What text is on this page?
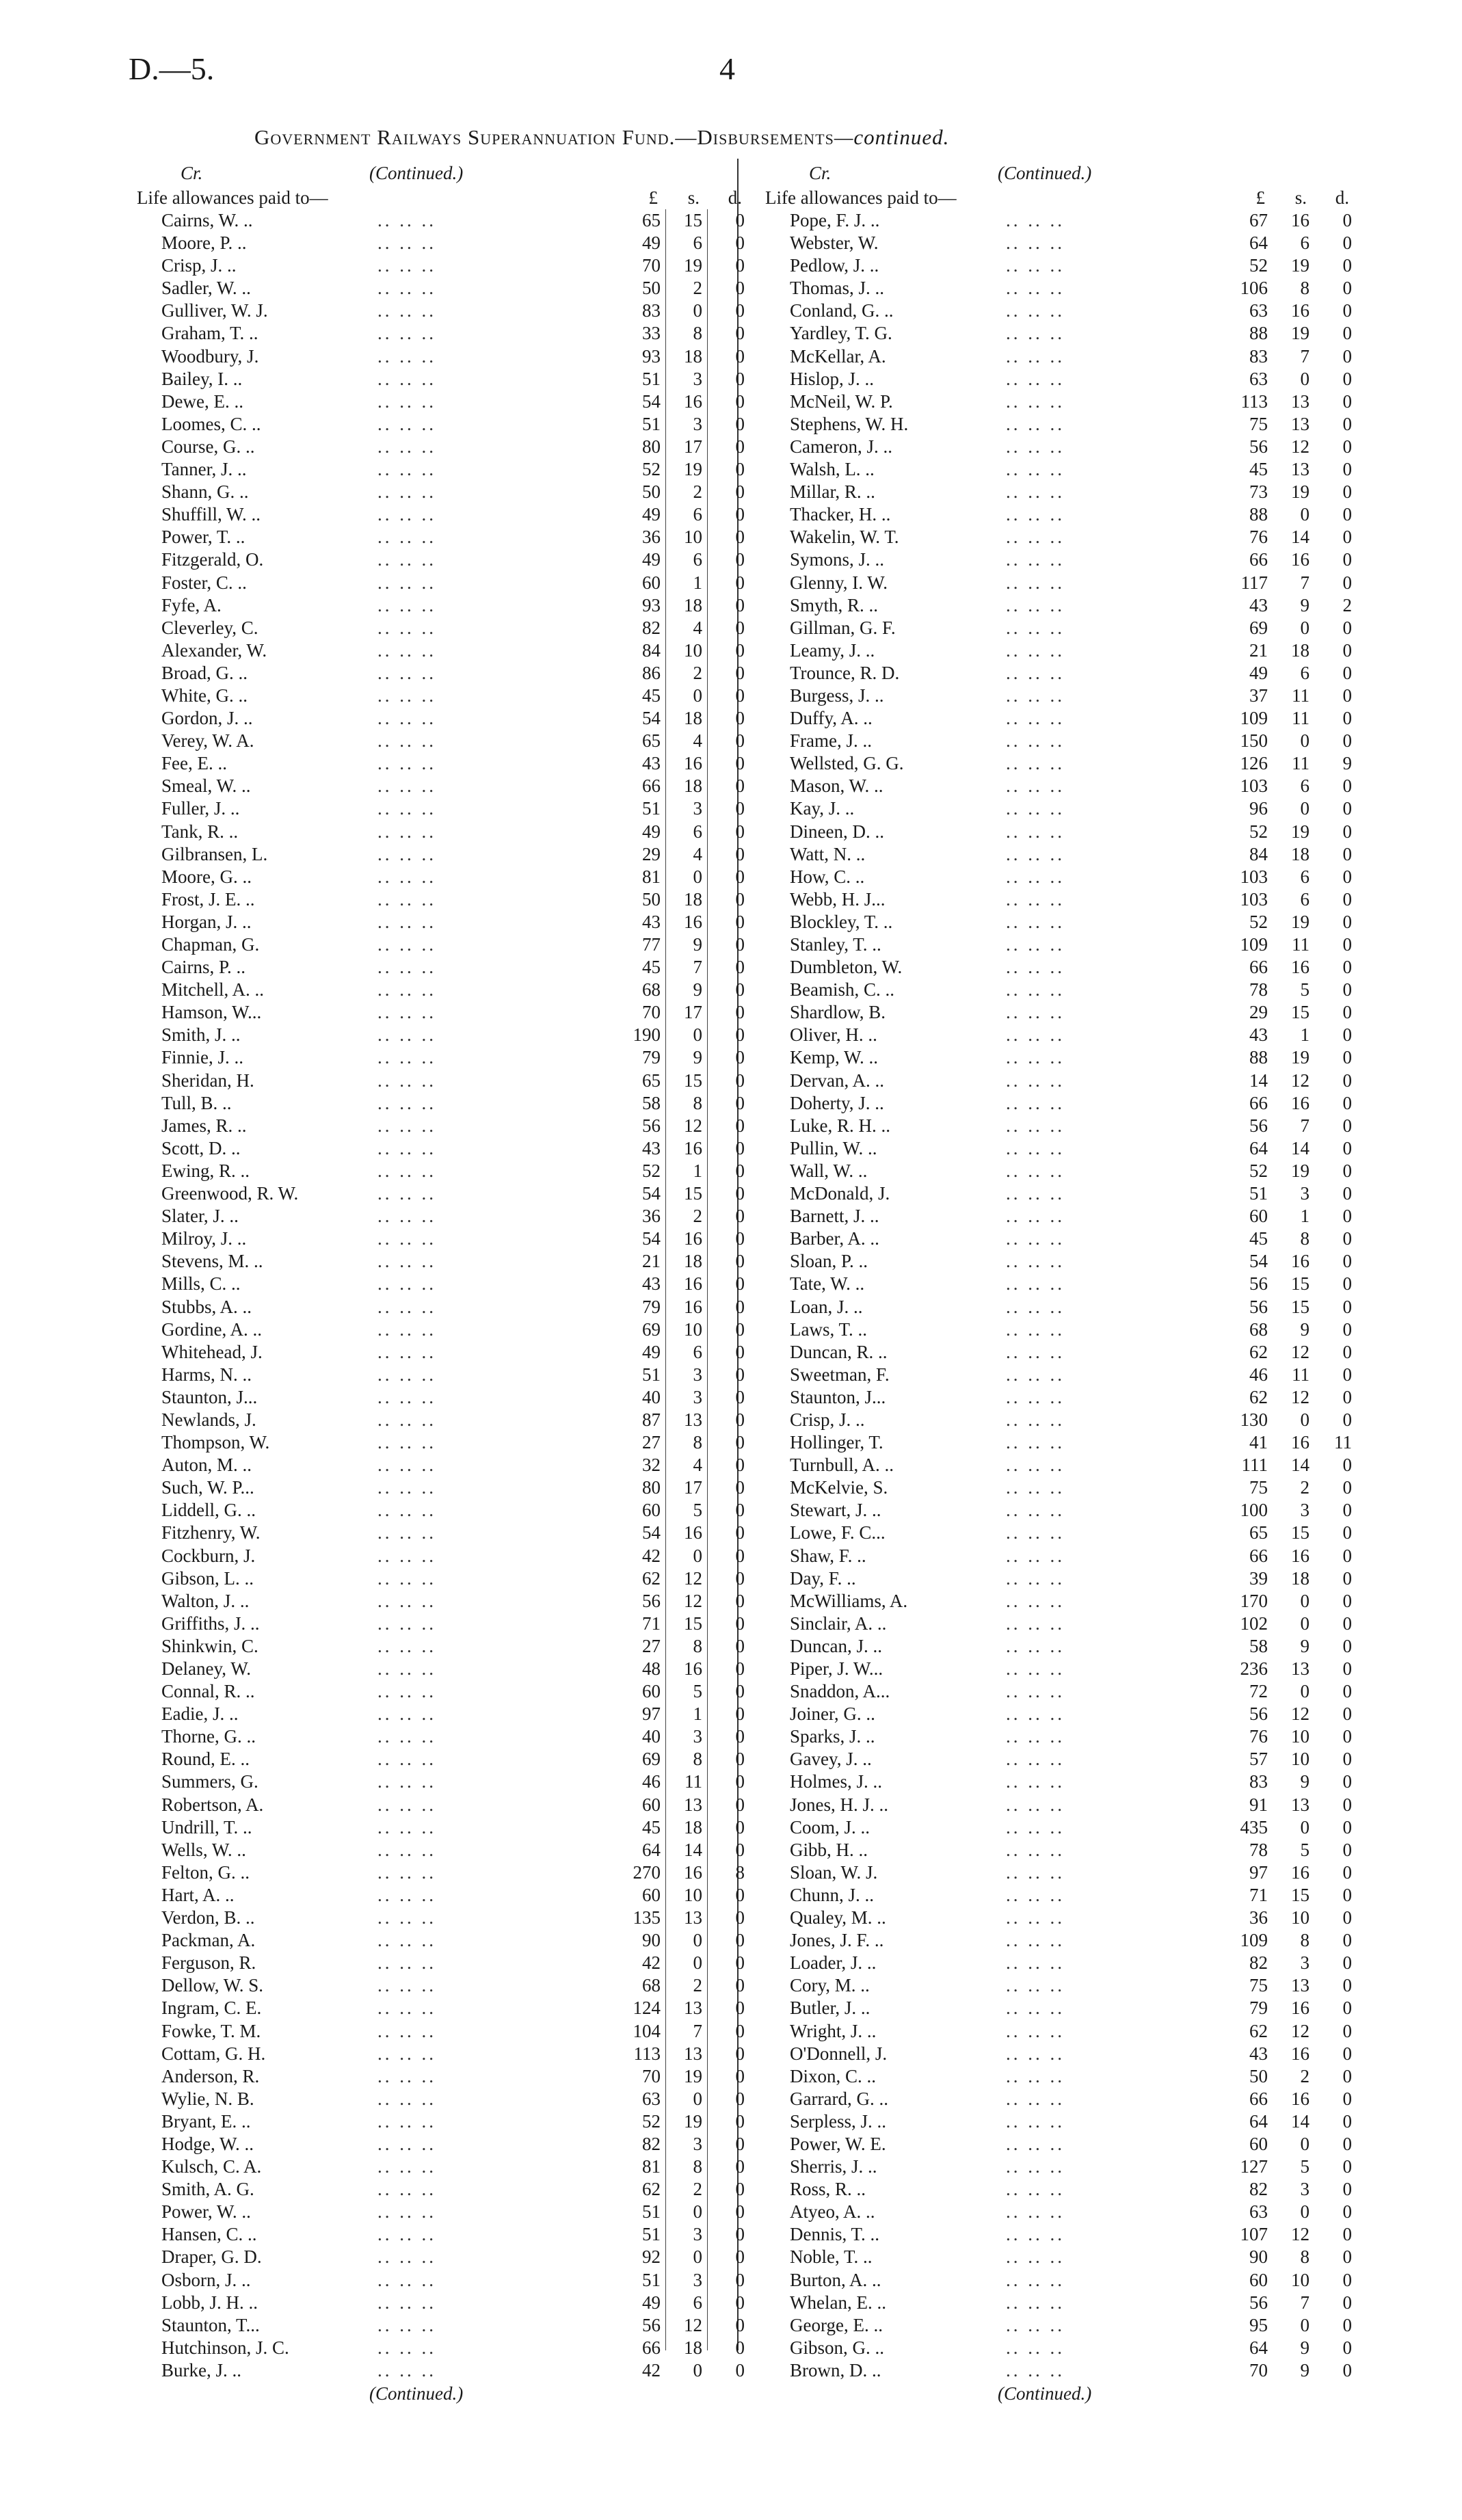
D.—5.	4
Government Railways Superannuation Fund.—Disbursements—continued.
Cr.	(Continued.)
Life allowances paid to—	£	s.	d.
Cairns, W. ..	.. .. ..	65	15	0
Moore, P. ..	.. .. ..	49	6	0
Crisp, J. ..	.. .. ..	70	19	0
Sadler, W. ..	.. .. ..	50	2	0
Gulliver, W. J.	.. .. ..	83	0	0
Graham, T. ..	.. .. ..	33	8	0
Woodbury, J.	.. .. ..	93	18	0
Bailey, I. ..	.. .. ..	51	3	0
Dewe, E. ..	.. .. ..	54	16	0
Loomes, C. ..	.. .. ..	51	3	0
Course, G. ..	.. .. ..	80	17	0
Tanner, J. ..	.. .. ..	52	19	0
Shann, G. ..	.. .. ..	50	2	0
Shuffill, W. ..	.. .. ..	49	6	0
Power, T. ..	.. .. ..	36	10	0
Fitzgerald, O.	.. .. ..	49	6	0
Foster, C. ..	.. .. ..	60	1	0
Fyfe, A.	.. .. ..	93	18	0
Cleverley, C.	.. .. ..	82	4	0
Alexander, W.	.. .. ..	84	10	0
Broad, G. ..	.. .. ..	86	2	0
White, G. ..	.. .. ..	45	0	0
Gordon, J. ..	.. .. ..	54	18	0
Verey, W. A.	.. .. ..	65	4	0
Fee, E. ..	.. .. ..	43	16	0
Smeal, W. ..	.. .. ..	66	18	0
Fuller, J. ..	.. .. ..	51	3	0
Tank, R. ..	.. .. ..	49	6	0
Gilbransen, L.	.. .. ..	29	4	0
Moore, G. ..	.. .. ..	81	0	0
Frost, J. E. ..	.. .. ..	50	18	0
Horgan, J. ..	.. .. ..	43	16	0
Chapman, G.	.. .. ..	77	9	0
Cairns, P. ..	.. .. ..	45	7	0
Mitchell, A. ..	.. .. ..	68	9	0
Hamson, W...	.. .. ..	70	17	0
Smith, J. ..	.. .. ..	190	0	0
Finnie, J. ..	.. .. ..	79	9	0
Sheridan, H.	.. .. ..	65	15	0
Tull, B. ..	.. .. ..	58	8	0
James, R. ..	.. .. ..	56	12	0
Scott, D. ..	.. .. ..	43	16	0
Ewing, R. ..	.. .. ..	52	1	0
Greenwood, R. W.	.. .. ..	54	15	0
Slater, J. ..	.. .. ..	36	2	0
Milroy, J. ..	.. .. ..	54	16	0
Stevens, M. ..	.. .. ..	21	18	0
Mills, C. ..	.. .. ..	43	16	0
Stubbs, A. ..	.. .. ..	79	16	0
Gordine, A. ..	.. .. ..	69	10	0
Whitehead, J.	.. .. ..	49	6	0
Harms, N. ..	.. .. ..	51	3	0
Staunton, J...	.. .. ..	40	3	0
Newlands, J.	.. .. ..	87	13	0
Thompson, W.	.. .. ..	27	8	0
Auton, M. ..	.. .. ..	32	4	0
Such, W. P...	.. .. ..	80	17	0
Liddell, G. ..	.. .. ..	60	5	0
Fitzhenry, W.	.. .. ..	54	16	0
Cockburn, J.	.. .. ..	42	0	0
Gibson, L. ..	.. .. ..	62	12	0
Walton, J. ..	.. .. ..	56	12	0
Griffiths, J. ..	.. .. ..	71	15	0
Shinkwin, C.	.. .. ..	27	8	0
Delaney, W.	.. .. ..	48	16	0
Connal, R. ..	.. .. ..	60	5	0
Eadie, J. ..	.. .. ..	97	1	0
Thorne, G. ..	.. .. ..	40	3	0
Round, E. ..	.. .. ..	69	8	0
Summers, G.	.. .. ..	46	11	0
Robertson, A.	.. .. ..	60	13	0
Undrill, T. ..	.. .. ..	45	18	0
Wells, W. ..	.. .. ..	64	14	0
Felton, G. ..	.. .. ..	270	16	8
Hart, A. ..	.. .. ..	60	10	0
Verdon, B. ..	.. .. ..	135	13	0
Packman, A.	.. .. ..	90	0	0
Ferguson, R.	.. .. ..	42	0	0
Dellow, W. S.	.. .. ..	68	2	0
Ingram, C. E.	.. .. ..	124	13	0
Fowke, T. M.	.. .. ..	104	7	0
Cottam, G. H.	.. .. ..	113	13	0
Anderson, R.	.. .. ..	70	19	0
Wylie, N. B.	.. .. ..	63	0	0
Bryant, E. ..	.. .. ..	52	19	0
Hodge, W. ..	.. .. ..	82	3	0
Kulsch, C. A.	.. .. ..	81	8	0
Smith, A. G.	.. .. ..	62	2	0
Power, W. ..	.. .. ..	51	0	0
Hansen, C. ..	.. .. ..	51	3	0
Draper, G. D.	.. .. ..	92	0	0
Osborn, J. ..	.. .. ..	51	3	0
Lobb, J. H. ..	.. .. ..	49	6	0
Staunton, T...	.. .. ..	56	12	0
Hutchinson, J. C.	.. .. ..	66	18	0
Burke, J. ..	.. .. ..	42	0	0
(Continued.)
Cr.	(Continued.)
Life allowances paid to—	£	s.	d.
Pope, F. J. ..	.. .. ..	67	16	0
Webster, W.	.. .. ..	64	6	0
Pedlow, J. ..	.. .. ..	52	19	0
Thomas, J. ..	.. .. ..	106	8	0
Conland, G. ..	.. .. ..	63	16	0
Yardley, T. G.	.. .. ..	88	19	0
McKellar, A.	.. .. ..	83	7	0
Hislop, J. ..	.. .. ..	63	0	0
McNeil, W. P.	.. .. ..	113	13	0
Stephens, W. H.	.. .. ..	75	13	0
Cameron, J. ..	.. .. ..	56	12	0
Walsh, L. ..	.. .. ..	45	13	0
Millar, R. ..	.. .. ..	73	19	0
Thacker, H. ..	.. .. ..	88	0	0
Wakelin, W. T.	.. .. ..	76	14	0
Symons, J. ..	.. .. ..	66	16	0
Glenny, I. W.	.. .. ..	117	7	0
Smyth, R. ..	.. .. ..	43	9	2
Gillman, G. F.	.. .. ..	69	0	0
Leamy, J. ..	.. .. ..	21	18	0
Trounce, R. D.	.. .. ..	49	6	0
Burgess, J. ..	.. .. ..	37	11	0
Duffy, A. ..	.. .. ..	109	11	0
Frame, J. ..	.. .. ..	150	0	0
Wellsted, G. G.	.. .. ..	126	11	9
Mason, W. ..	.. .. ..	103	6	0
Kay, J. ..	.. .. ..	96	0	0
Dineen, D. ..	.. .. ..	52	19	0
Watt, N. ..	.. .. ..	84	18	0
How, C. ..	.. .. ..	103	6	0
Webb, H. J...	.. .. ..	103	6	0
Blockley, T. ..	.. .. ..	52	19	0
Stanley, T. ..	.. .. ..	109	11	0
Dumbleton, W.	.. .. ..	66	16	0
Beamish, C. ..	.. .. ..	78	5	0
Shardlow, B.	.. .. ..	29	15	0
Oliver, H. ..	.. .. ..	43	1	0
Kemp, W. ..	.. .. ..	88	19	0
Dervan, A. ..	.. .. ..	14	12	0
Doherty, J. ..	.. .. ..	66	16	0
Luke, R. H. ..	.. .. ..	56	7	0
Pullin, W. ..	.. .. ..	64	14	0
Wall, W. ..	.. .. ..	52	19	0
McDonald, J.	.. .. ..	51	3	0
Barnett, J. ..	.. .. ..	60	1	0
Barber, A. ..	.. .. ..	45	8	0
Sloan, P. ..	.. .. ..	54	16	0
Tate, W. ..	.. .. ..	56	15	0
Loan, J. ..	.. .. ..	56	15	0
Laws, T. ..	.. .. ..	68	9	0
Duncan, R. ..	.. .. ..	62	12	0
Sweetman, F.	.. .. ..	46	11	0
Staunton, J...	.. .. ..	62	12	0
Crisp, J. ..	.. .. ..	130	0	0
Hollinger, T.	.. .. ..	41	16	11
Turnbull, A. ..	.. .. ..	111	14	0
McKelvie, S.	.. .. ..	75	2	0
Stewart, J. ..	.. .. ..	100	3	0
Lowe, F. C...	.. .. ..	65	15	0
Shaw, F. ..	.. .. ..	66	16	0
Day, F. ..	.. .. ..	39	18	0
McWilliams, A.	.. .. ..	170	0	0
Sinclair, A. ..	.. .. ..	102	0	0
Duncan, J. ..	.. .. ..	58	9	0
Piper, J. W...	.. .. ..	236	13	0
Snaddon, A...	.. .. ..	72	0	0
Joiner, G. ..	.. .. ..	56	12	0
Sparks, J. ..	.. .. ..	76	10	0
Gavey, J. ..	.. .. ..	57	10	0
Holmes, J. ..	.. .. ..	83	9	0
Jones, H. J. ..	.. .. ..	91	13	0
Coom, J. ..	.. .. ..	435	0	0
Gibb, H. ..	.. .. ..	78	5	0
Sloan, W. J.	.. .. ..	97	16	0
Chunn, J. ..	.. .. ..	71	15	0
Qualey, M. ..	.. .. ..	36	10	0
Jones, J. F. ..	.. .. ..	109	8	0
Loader, J. ..	.. .. ..	82	3	0
Cory, M. ..	.. .. ..	75	13	0
Butler, J. ..	.. .. ..	79	16	0
Wright, J. ..	.. .. ..	62	12	0
O'Donnell, J.	.. .. ..	43	16	0
Dixon, C. ..	.. .. ..	50	2	0
Garrard, G. ..	.. .. ..	66	16	0
Serpless, J. ..	.. .. ..	64	14	0
Power, W. E.	.. .. ..	60	0	0
Sherris, J. ..	.. .. ..	127	5	0
Ross, R. ..	.. .. ..	82	3	0
Atyeo, A. ..	.. .. ..	63	0	0
Dennis, T. ..	.. .. ..	107	12	0
Noble, T. ..	.. .. ..	90	8	0
Burton, A. ..	.. .. ..	60	10	0
Whelan, E. ..	.. .. ..	56	7	0
George, E. ..	.. .. ..	95	0	0
Gibson, G. ..	.. .. ..	64	9	0
Brown, D. ..	.. .. ..	70	9	0
(Continued.)
